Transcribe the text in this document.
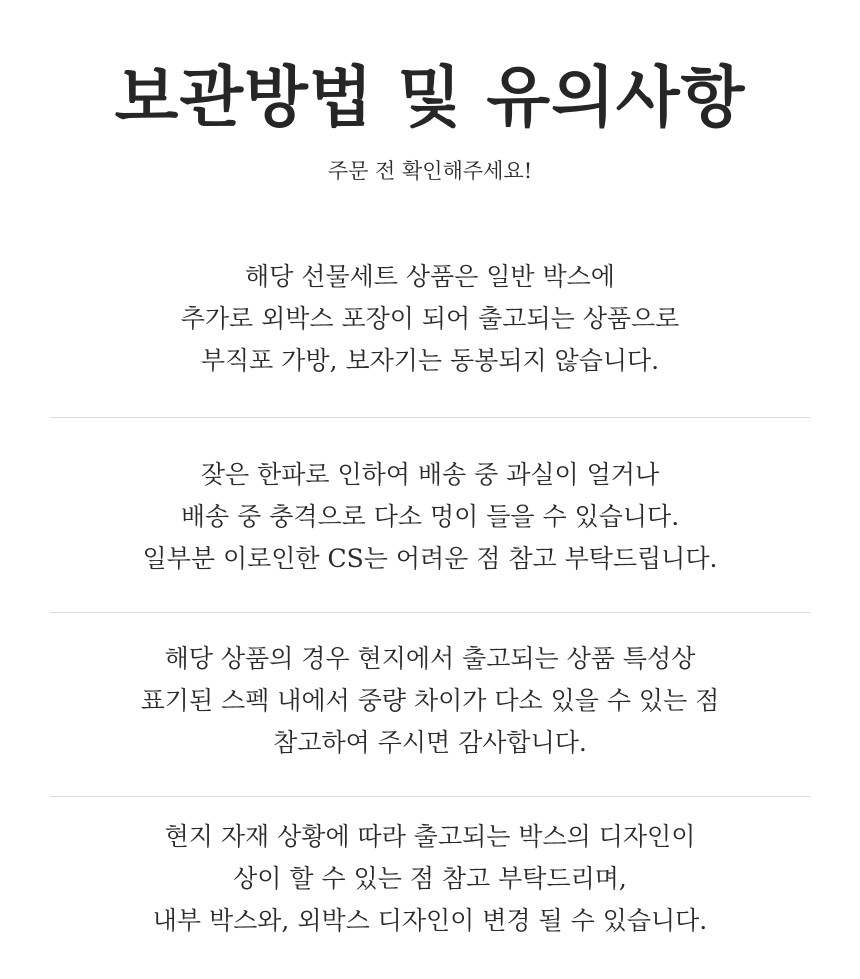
보관방법 및 유의사항

주문 전 확인해주세요!

해당 선물세트 상품은 일반 박스에
추가로 외박스 포장이 되어 출고되는 상품으로
부직포 가방, 보자기는 동봉되지 않습니다.
잦은 한파로 인하여 배송 중 과실이 얼거나
배송 중 충격으로 다소 멍이 들을 수 있습니다.
일부분 이로인한 CS는 어려운 점 참고 부탁드립니다.
해당 상품의 경우 현지에서 출고되는 상품 특성상
표기된 스펙 내에서 중량 차이가 다소 있을 수 있는 점
참고하여 주시면 감사합니다.
현지 자재 상황에 따라 출고되는 박스의 디자인이
상이 할 수 있는 점 참고 부탁드리며,
내부 박스와, 외박스 디자인이 변경 될 수 있습니다.
